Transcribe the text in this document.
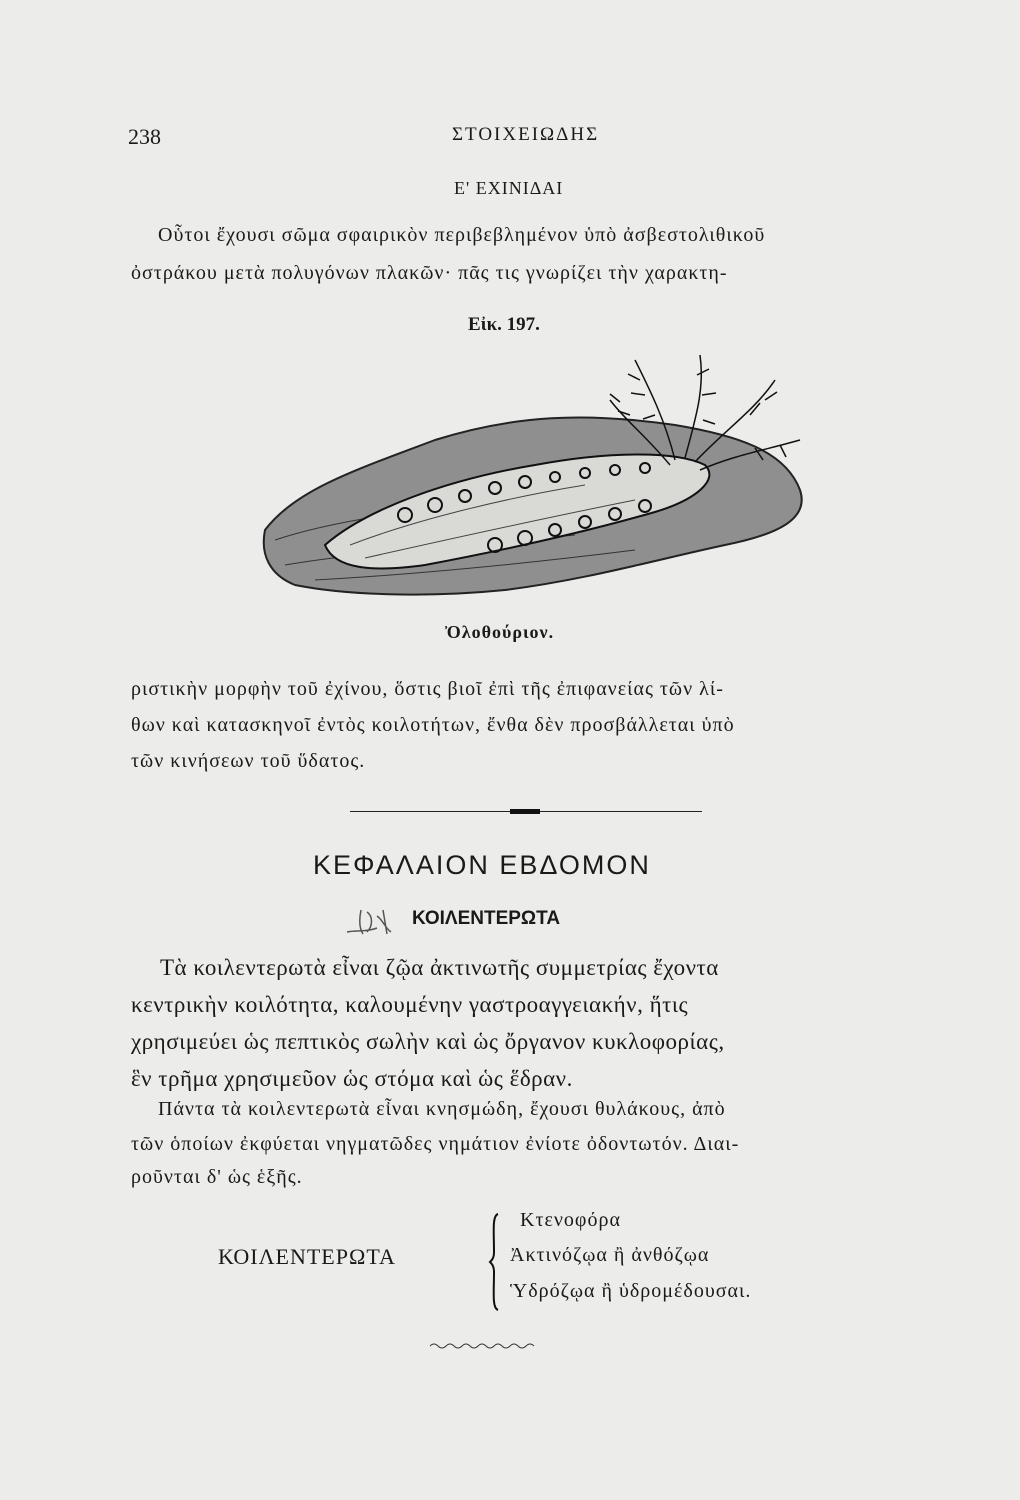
238	ΣΤΟΙΧΕΙΩΔΗΣ
Ε' ΕΧΙΝΙΔΑΙ
Οὗτοι ἔχουσι σῶμα σφαιρικὸν περιβεβλημένον ὑπὸ ἀσβεστολιθικοῦ
ὀστράκου μετὰ πολυγόνων πλακῶν· πᾶς τις γνωρίζει τὴν χαρακτη-
Εἰκ. 197.
Ὀλοθούριον.
ριστικὴν μορφὴν τοῦ ἐχίνου, ὅστις βιοῖ ἐπὶ τῆς ἐπιφανείας τῶν λί-
θων καὶ κατασκηνοῖ ἐντὸς κοιλοτήτων, ἔνθα δὲν προσβάλλεται ὑπὸ
τῶν κινήσεων τοῦ ὕδατος.
ΚΕΦΑΛΑΙΟΝ ΕΒΔΟΜΟΝ
ΚΟΙΛΕΝΤΕΡΩΤΑ
Τὰ κοιλεντερωτὰ εἶναι ζῷα ἀκτινωτῆς συμμετρίας ἔχοντα
κεντρικὴν κοιλότητα, καλουμένην γαστροαγγειακήν, ἥτις
χρησιμεύει ὡς πεπτικὸς σωλὴν καὶ ὡς ὄργανον κυκλοφορίας,
ἓν τρῆμα χρησιμεῦον ὡς στόμα καὶ ὡς ἕδραν.
Πάντα τὰ κοιλεντερωτὰ εἶναι κνησμώδη, ἔχουσι θυλάκους, ἀπὸ
τῶν ὁποίων ἐκφύεται νηγματῶδες νημάτιον ἐνίοτε ὀδοντωτόν. Διαι-
ροῦνται δ' ὡς ἑξῆς.
ΚΟΙΛΕΝΤΕΡΩΤΑ
Κτενοφόρα
Ἀκτινόζῳα ἢ ἀνθόζῳα
Ὑδρόζῳα ἢ ὑδρομέδουσαι.
